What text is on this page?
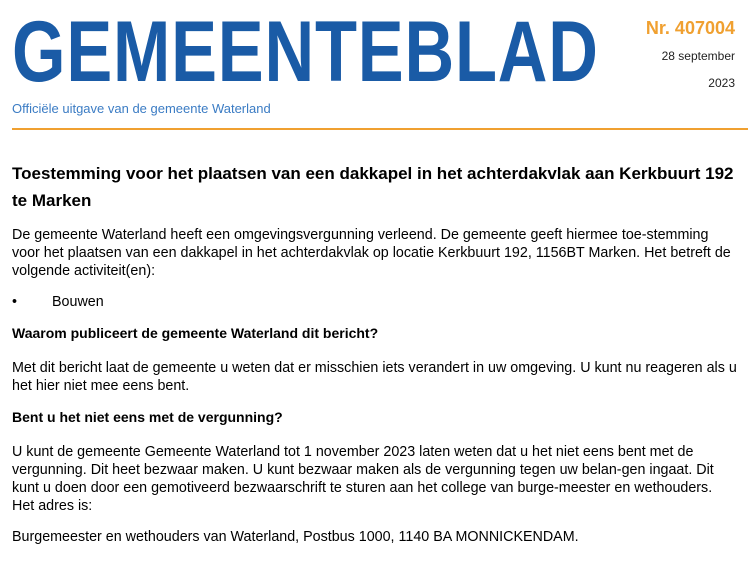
GEMEENTEBLAD
Officiële uitgave van de gemeente Waterland
Nr. 407004
28 september
2023
Toestemming voor het plaatsen van een dakkapel in het achterdakvlak aan Kerkbuurt 192 te Marken

De gemeente Waterland heeft een omgevingsvergunning verleend. De gemeente geeft hiermee toe-stemming voor het plaatsen van een dakkapel in het achterdakvlak op locatie Kerkbuurt 192, 1156BT Marken. Het betreft de volgende activiteit(en):

•	Bouwen
Waarom publiceert de gemeente Waterland dit bericht?

Met dit bericht laat de gemeente u weten dat er misschien iets verandert in uw omgeving. U kunt nu reageren als u het hier niet mee eens bent.

Bent u het niet eens met de vergunning?

U kunt de gemeente Gemeente Waterland tot 1 november 2023 laten weten dat u het niet eens bent met de vergunning. Dit heet bezwaar maken. U kunt bezwaar maken als de vergunning tegen uw belan-gen ingaat. Dit kunt u doen door een gemotiveerd bezwaarschrift te sturen aan het college van burge-meester en wethouders. Het adres is:

Burgemeester en wethouders van Waterland, Postbus 1000, 1140 BA MONNICKENDAM.
